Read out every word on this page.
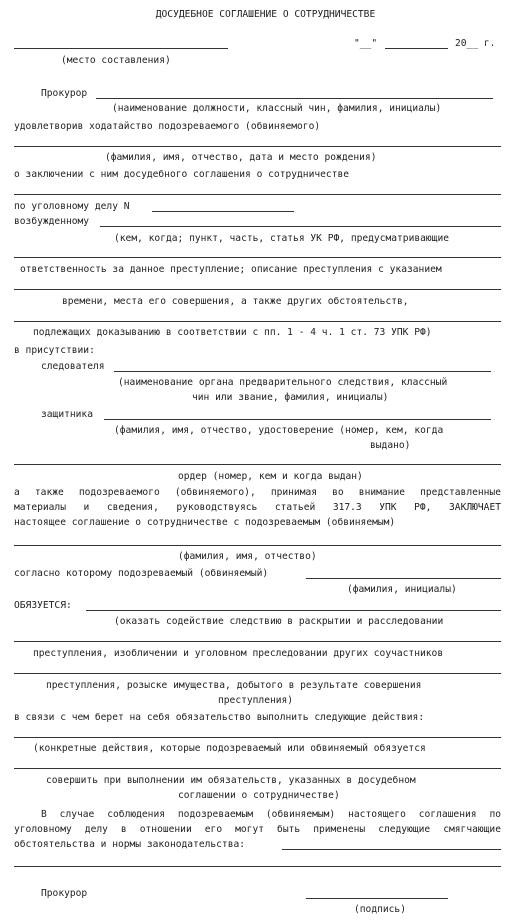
ДОСУДЕБНОЕ СОГЛАШЕНИЕ О СОТРУДНИЧЕСТВЕ
"__"	20__ г.
(место составления)
Прокурор
(наименование должности, классный чин, фамилия, инициалы)
удовлетворив ходатайство подозреваемого (обвиняемого)
(фамилия, имя, отчество, дата и место рождения)
о заключении с ним досудебного соглашения о сотрудничестве
по уголовному делу N
возбужденному
(кем, когда; пункт, часть, статья УК РФ, предусматривающие
ответственность за данное преступление; описание преступления с указанием
времени, места его совершения, а также других обстоятельств,
подлежащих доказыванию в соответствии с пп. 1 - 4 ч. 1 ст. 73 УПК РФ)
в присутствии:
следователя
(наименование органа предварительного следствия, классный
чин или звание, фамилия, инициалы)
защитника
(фамилия, имя, отчество, удостоверение (номер, кем, когда
выдано)
ордер (номер, кем и когда выдан)
а также подозреваемого (обвиняемого), принимая во внимание представленные
материалы и сведения, руководствуясь статьей 317.3 УПК РФ, ЗАКЛЮЧАЕТ
настоящее соглашение о сотрудничестве с подозреваемым (обвиняемым)
(фамилия, имя, отчество)
согласно которому подозреваемый (обвиняемый)
(фамилия, инициалы)
ОБЯЗУЕТСЯ:
(оказать содействие следствию в раскрытии и расследовании
преступления, изобличении и уголовном преследовании других соучастников
преступления, розыске имущества, добытого в результате совершения
преступления)
в связи с чем берет на себя обязательство выполнить следующие действия:
(конкретные действия, которые подозреваемый или обвиняемый обязуется
совершить при выполнении им обязательств, указанных в досудебном
соглашении о сотрудничестве)
В случае соблюдения подозреваемым (обвиняемым) настоящего соглашения по
уголовному делу в отношении его могут быть применены следующие смягчающие
обстоятельства и нормы законодательства:
Прокурор
(подпись)
